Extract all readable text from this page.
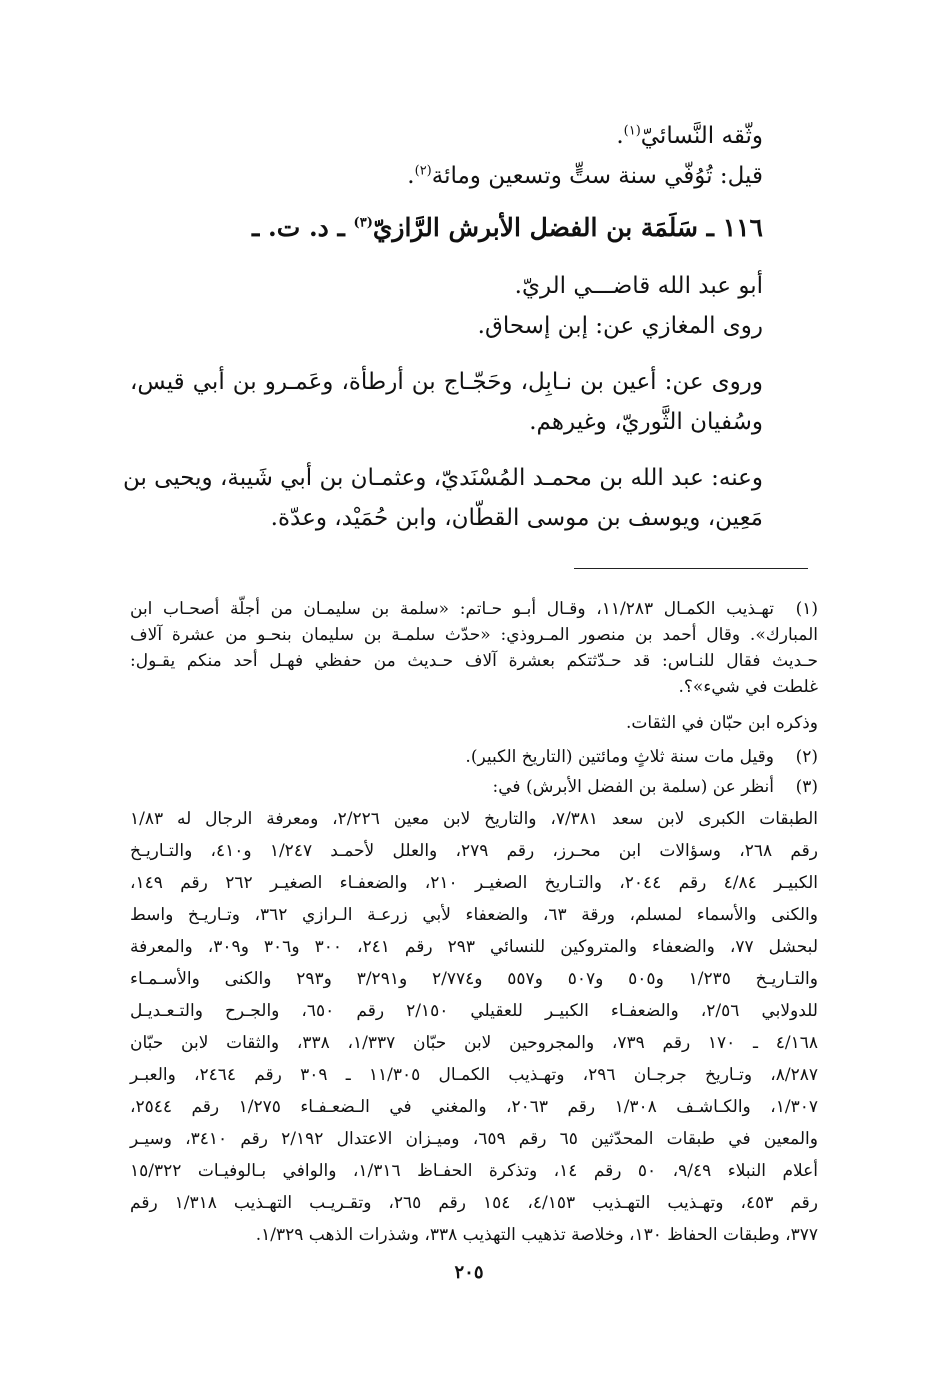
وثّقه النَّسائيّ$^{(١)}$.
قيل: تُوُفّي سنة ستٍّ وتسعين ومائة$^{(٢)}$.
١١٦ ـ سَلَمَة بن الفضل الأبرش الرَّازيّ$^{(٣)}$ ـ د. ت. ـ
أبو عبد الله قاضـــي الريّ.
روى المغازي عن: إبن إسحاق.
وروى عن: أعين بن نـابِل، وحَجّـاج بن أرطأة، وعَمـرو بن أبي قيس،
وسُفيان الثَّوريّ، وغيرهم.
وعنه: عبد الله بن محمـد المُسْنَديّ، وعثمـان بن أبي شَيبة، ويحيى بن
مَعِين، ويوسف بن موسى القطّان، وابن حُمَيْد، وعدّة.
(١)
تهـذيب الكمـال ١١/٢٨٣، وقـال أبـو حـاتم: «سلمة بن سليمـان من أجلّة أصحـاب ابن
المبارك». وقال أحمد بن منصور المـروذي: «حدّث سلمـة بن سليمان بنحـو من عشرة آلاف
حـديث فقال للنـاس: قد حـدّثتكم بعشرة آلاف حـديث من حفظي فهـل أحد منكم يقـول:
غلطت في شيء»؟.
وذكره ابن حبّان في الثقات.
(٢)
وقيل مات سنة ثلاثٍ ومائتين (التاريخ الكبير).
(٣)
أنظر عن (سلمة بن الفضل الأبرش) في:
الطبقات الكبرى لابن سعد ٧/٣٨١، والتاريخ لابن معين ٢/٢٢٦، ومعرفة الرجال له ١/٨٣
رقم ٢٦٨، وسؤالات ابن محـرز، رقم ٢٧٩، والعلل لأحمـد ١/٢٤٧ و٤١٠، والتـاريـخ
الكبيـر ٤/٨٤ رقم ٢٠٤٤، والتـاريخ الصغيـر ٢١٠، والضعفـاء الصغيـر ٢٦٢ رقم ١٤٩،
والكنى والأسماء لمسلم، ورقة ٦٣، والضعفاء لأبي زرعـة الـرازي ٣٦٢، وتـاريـخ واسط
لبحشل ٧٧، والضعفاء والمتروكين للنسائي ٢٩٣ رقم ٢٤١، ٣٠٠ و٣٠٦ و٣٠٩، والمعرفة
والتـاريـخ ١/٢٣٥ و٥٠٥ و٥٠٧ و٥٥٧ و٢/٧٧٤ و٣/٢٩١ و٢٩٣ والكنى والأسـمـاء
للدولابي ٢/٥٦، والضعفـاء الكبيـر للعقيلي ٢/١٥٠ رقم ٦٥٠، والجـرح والتـعـديـل
٤/١٦٨ ـ ١٧٠ رقم ٧٣٩، والمجروحين لابن حبّان ١/٣٣٧، ٣٣٨، والثقات لابن حبّان
٨/٢٨٧، وتـاريخ جرجـان ٢٩٦، وتهـذيب الكمـال ١١/٣٠٥ ـ ٣٠٩ رقم ٢٤٦٤، والعبـر
١/٣٠٧، والكـاشـف ١/٣٠٨ رقم ٢٠٦٣، والمغني في الـضعـفـاء ١/٢٧٥ رقم ٢٥٤٤،
والمعين في طبقات المحدّثين ٦٥ رقم ٦٥٩، وميـزان الاعتدال ٢/١٩٢ رقم ٣٤١٠، وسيـر
أعلام النبلاء ٩/٤٩، ٥٠ رقم ١٤، وتذكرة الحفـاظ ١/٣١٦، والوافي بـالوفيـات ١٥/٣٢٢
رقم ٤٥٣، وتهـذيب التهـذيب ٤/١٥٣، ١٥٤ رقم ٢٦٥، وتقـريـب التهـذيب ١/٣١٨ رقم
٣٧٧، وطبقات الحفاظ ١٣٠، وخلاصة تذهيب التهذيب ٣٣٨، وشذرات الذهب ١/٣٢٩.
٢٠٥
